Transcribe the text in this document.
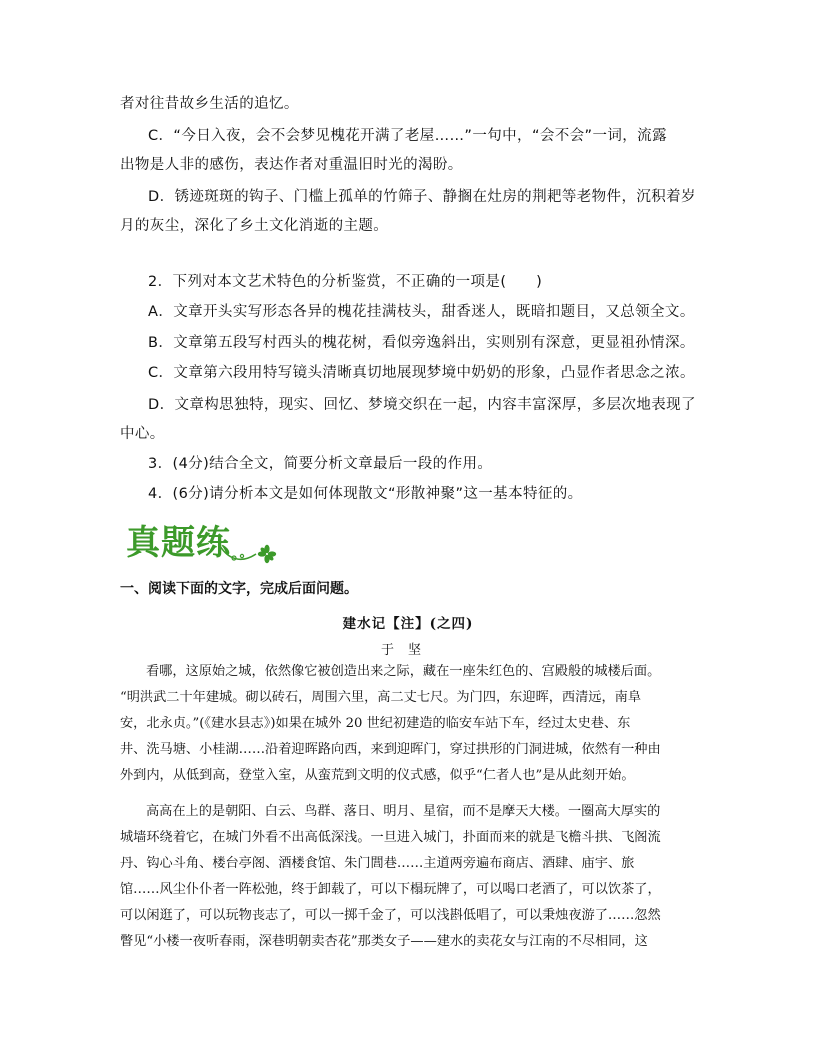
者对往昔故乡生活的追忆。
C．“今日入夜，会不会梦见槐花开满了老屋……”一句中，“会不会”一词，流露
出物是人非的感伤，表达作者对重温旧时光的渴盼。
D．锈迹斑斑的钩子、门槛上孤单的竹筛子、静搁在灶房的荆耙等老物件，沉积着岁
月的灰尘，深化了乡土文化消逝的主题。
2．下列对本文艺术特色的分析鉴赏，不正确的一项是(　　)
A．文章开头实写形态各异的槐花挂满枝头，甜香迷人，既暗扣题目，又总领全文。
B．文章第五段写村西头的槐花树，看似旁逸斜出，实则别有深意，更显祖孙情深。
C．文章第六段用特写镜头清晰真切地展现梦境中奶奶的形象，凸显作者思念之浓。
D．文章构思独特，现实、回忆、梦境交织在一起，内容丰富深厚，多层次地表现了
中心。
3．(4分)结合全文，简要分析文章最后一段的作用。
4．(6分)请分析本文是如何体现散文“形散神聚”这一基本特征的。
真题练
一、阅读下面的文字，完成后面问题。
建水记【注】(之四)
于坚
看哪，这原始之城，依然像它被创造出来之际，藏在一座朱红色的、宫殿般的城楼后面。
“明洪武二十年建城。砌以砖石，周围六里，高二丈七尺。为门四，东迎晖，西清远，南阜
安，北永贞。”(《建水县志》)如果在城外 20 世纪初建造的临安车站下车，经过太史巷、东
井、洗马塘、小桂湖……沿着迎晖路向西，来到迎晖门，穿过拱形的门洞进城，依然有一种由
外到内，从低到高，登堂入室，从蛮荒到文明的仪式感，似乎“仁者人也”是从此刻开始。
高高在上的是朝阳、白云、鸟群、落日、明月、星宿，而不是摩天大楼。一圈高大厚实的
城墙环绕着它，在城门外看不出高低深浅。一旦进入城门，扑面而来的就是飞檐斗拱、飞阁流
丹、钩心斗角、楼台亭阁、酒楼食馆、朱门閭巷……主道两旁遍布商店、酒肆、庙宇、旅
馆……风尘仆仆者一阵松弛，终于卸载了，可以下榻玩牌了，可以喝口老酒了，可以饮茶了，
可以闲逛了，可以玩物丧志了，可以一掷千金了，可以浅斟低唱了，可以秉烛夜游了……忽然
瞥见“小楼一夜听春雨，深巷明朝卖杏花”那类女子——建水的卖花女与江南的不尽相同，这
